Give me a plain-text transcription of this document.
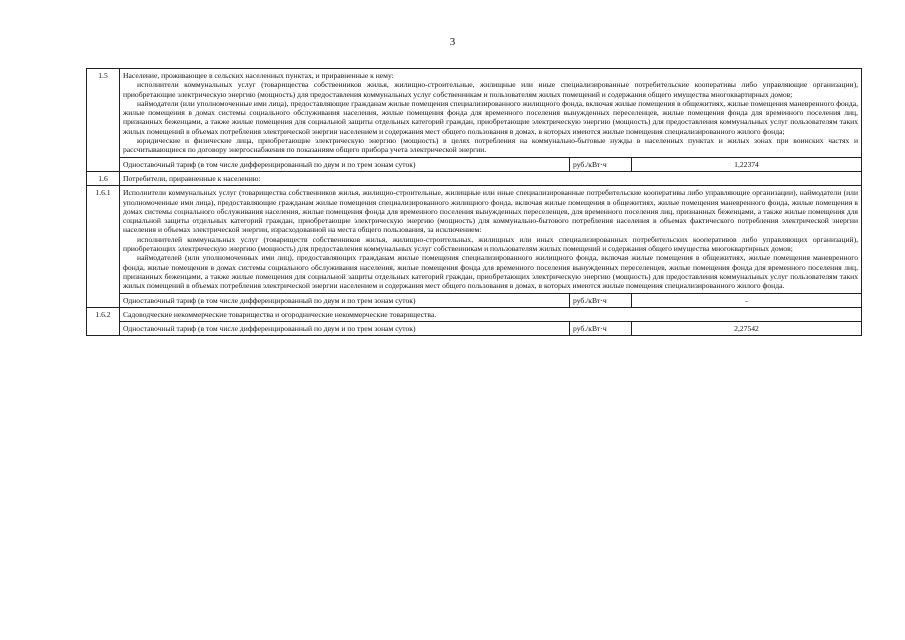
3
1.5	Население, проживающее в сельских населенных пунктах, и приравненные к нему:

исполнители коммунальных услуг (товарищества собственников жилья, жилищно-строительные, жилищные или иные специализированные потребительские кооперативы либо управляющие организации), приобретающие электрическую энергию (мощность) для предоставления коммунальных услуг собственникам и пользователям жилых помещений и содержания общего имущества многоквартирных домов;

наймодатели (или уполномоченные ими лица), предоставляющие гражданам жилые помещения специализированного жилищного фонда, включая жилые помещения в общежитиях, жилые помещения маневренного фонда, жилые помещения в домах системы социального обслуживания населения, жилые помещения фонда для временного поселения вынужденных переселенцев, жилые помещения фонда для временного поселения лиц, признанных беженцами, а также жилые помещения для социальной защиты отдельных категорий граждан, приобретающие электрическую энергию (мощность) для предоставления коммунальных услуг пользователям таких жилых помещений в объемах потребления электрической энергии населением и содержания мест общего пользования в домах, в которых имеются жилые помещения специализированного жилого фонда;

юридические и физические лица, приобретающие электрическую энергию (мощность) в целях потребления на коммунально-бытовые нужды в населенных пунктах и жилых зонах при воинских частях и рассчитывающиеся по договору энергоснабжения по показаниям общего прибора учета электрической энергии.		

	Одноставочный тариф (в том числе дифференцированный по двум и по трем зонам суток)	руб./кВт·ч	1,22374
1.6	Потребители, приравненные к населению:		
1.6.1	Исполнители коммунальных услуг (товарищества собственников жилья, жилищно-строительные, жилищные или иные специализированные потребительские кооперативы либо управляющие организации), наймодатели (или уполномоченные ими лица), предоставляющие гражданам жилые помещения специализированного жилищного фонда, включая жилые помещения в общежитиях, жилые помещения маневренного фонда, жилые помещения в домах системы социального обслуживания населения, жилые помещения фонда для временного поселения вынужденных переселенцев, для временного поселения лиц, признанных беженцами, а также жилые помещения для социальной защиты отдельных категорий граждан, приобретающие электрическую энергию (мощность) для коммунально-бытового потребления населения в объемах фактического потребления электрической энергии населения и объемах электрической энергии, израсходованной на места общего пользования, за исключением:

исполнителей коммунальных услуг (товариществ собственников жилья, жилищно-строительных, жилищных или иных специализированных потребительских кооперативов либо управляющих организаций), приобретающих электрическую энергию (мощность) для предоставления коммунальных услуг собственникам и пользователям жилых помещений и содержания общего имущества многоквартирных домов;

наймодателей (или уполномоченных ими лиц), предоставляющих гражданам жилые помещения специализированного жилищного фонда, включая жилые помещения в общежитиях, жилые помещения маневренного фонда, жилые помещения в домах системы социального обслуживания населения, жилые помещения фонда для временного поселения вынужденных переселенцев, жилые помещения фонда для временного поселения лиц, признанных беженцами, а также жилые помещения для социальной защиты отдельных категорий граждан, приобретающих электрическую энергию (мощность) для предоставления коммунальных услуг пользователям таких жилых помещений в объемах потребления электрической энергии населением и содержания мест общего пользования в домах, в которых имеются жилые помещения специализированного жилого фонда.		

	Одноставочный тариф (в том числе дифференцированный по двум и по трем зонам суток)	руб./кВт·ч	-
1.6.2	Садоводческие некоммерческие товарищества и огороднические некоммерческие товарищества.		
	Одноставочный тариф (в том числе дифференцированный по двум и по трем зонам суток)	руб./кВт·ч	2,27542
